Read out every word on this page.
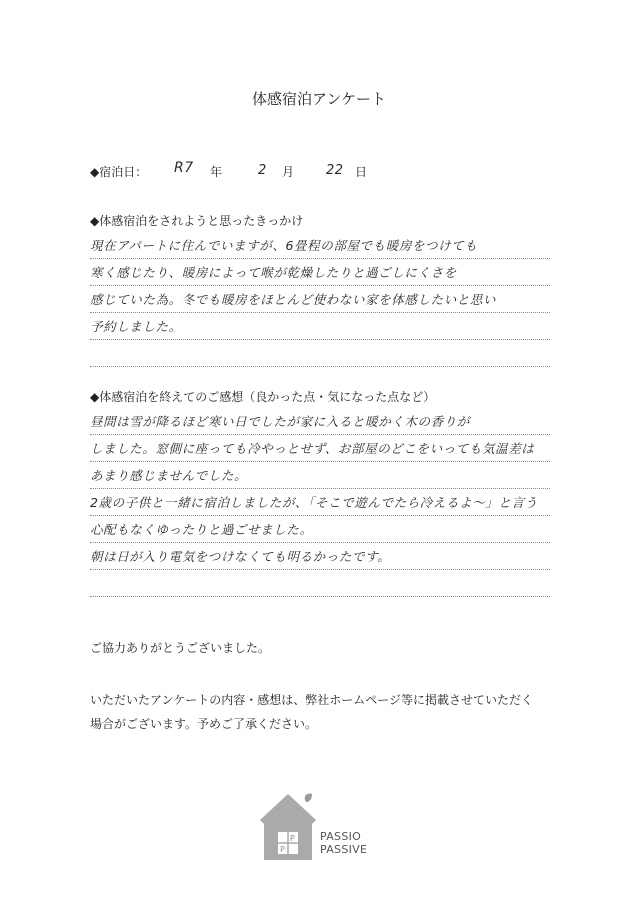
体感宿泊アンケート
◆宿泊日： R7 年	2 月 22 日
◆体感宿泊をされようと思ったきっかけ
現在アパートに住んでいますが、6畳程の部屋でも暖房をつけても
寒く感じたり、暖房によって喉が乾燥したりと過ごしにくさを
感じていた為。冬でも暖房をほとんど使わない家を体感したいと思い
予約しました。
◆体感宿泊を終えてのご感想（良かった点・気になった点など）
昼間は雪が降るほど寒い日でしたが家に入ると暖かく木の香りが
しました。窓側に座っても冷やっとせず、お部屋のどこをいっても気温差は
あまり感じませんでした。
2歳の子供と一緒に宿泊しましたが、「そこで遊んでたら冷えるよ〜」と言う
心配もなくゆったりと過ごせました。
朝は日が入り電気をつけなくても明るかったです。
ご協力ありがとうございました。
いただいたアンケートの内容・感想は、弊社ホームページ等に掲載させていただく
場合がございます。予めご了承ください。
P
P
PASSIO
PASSIVE
